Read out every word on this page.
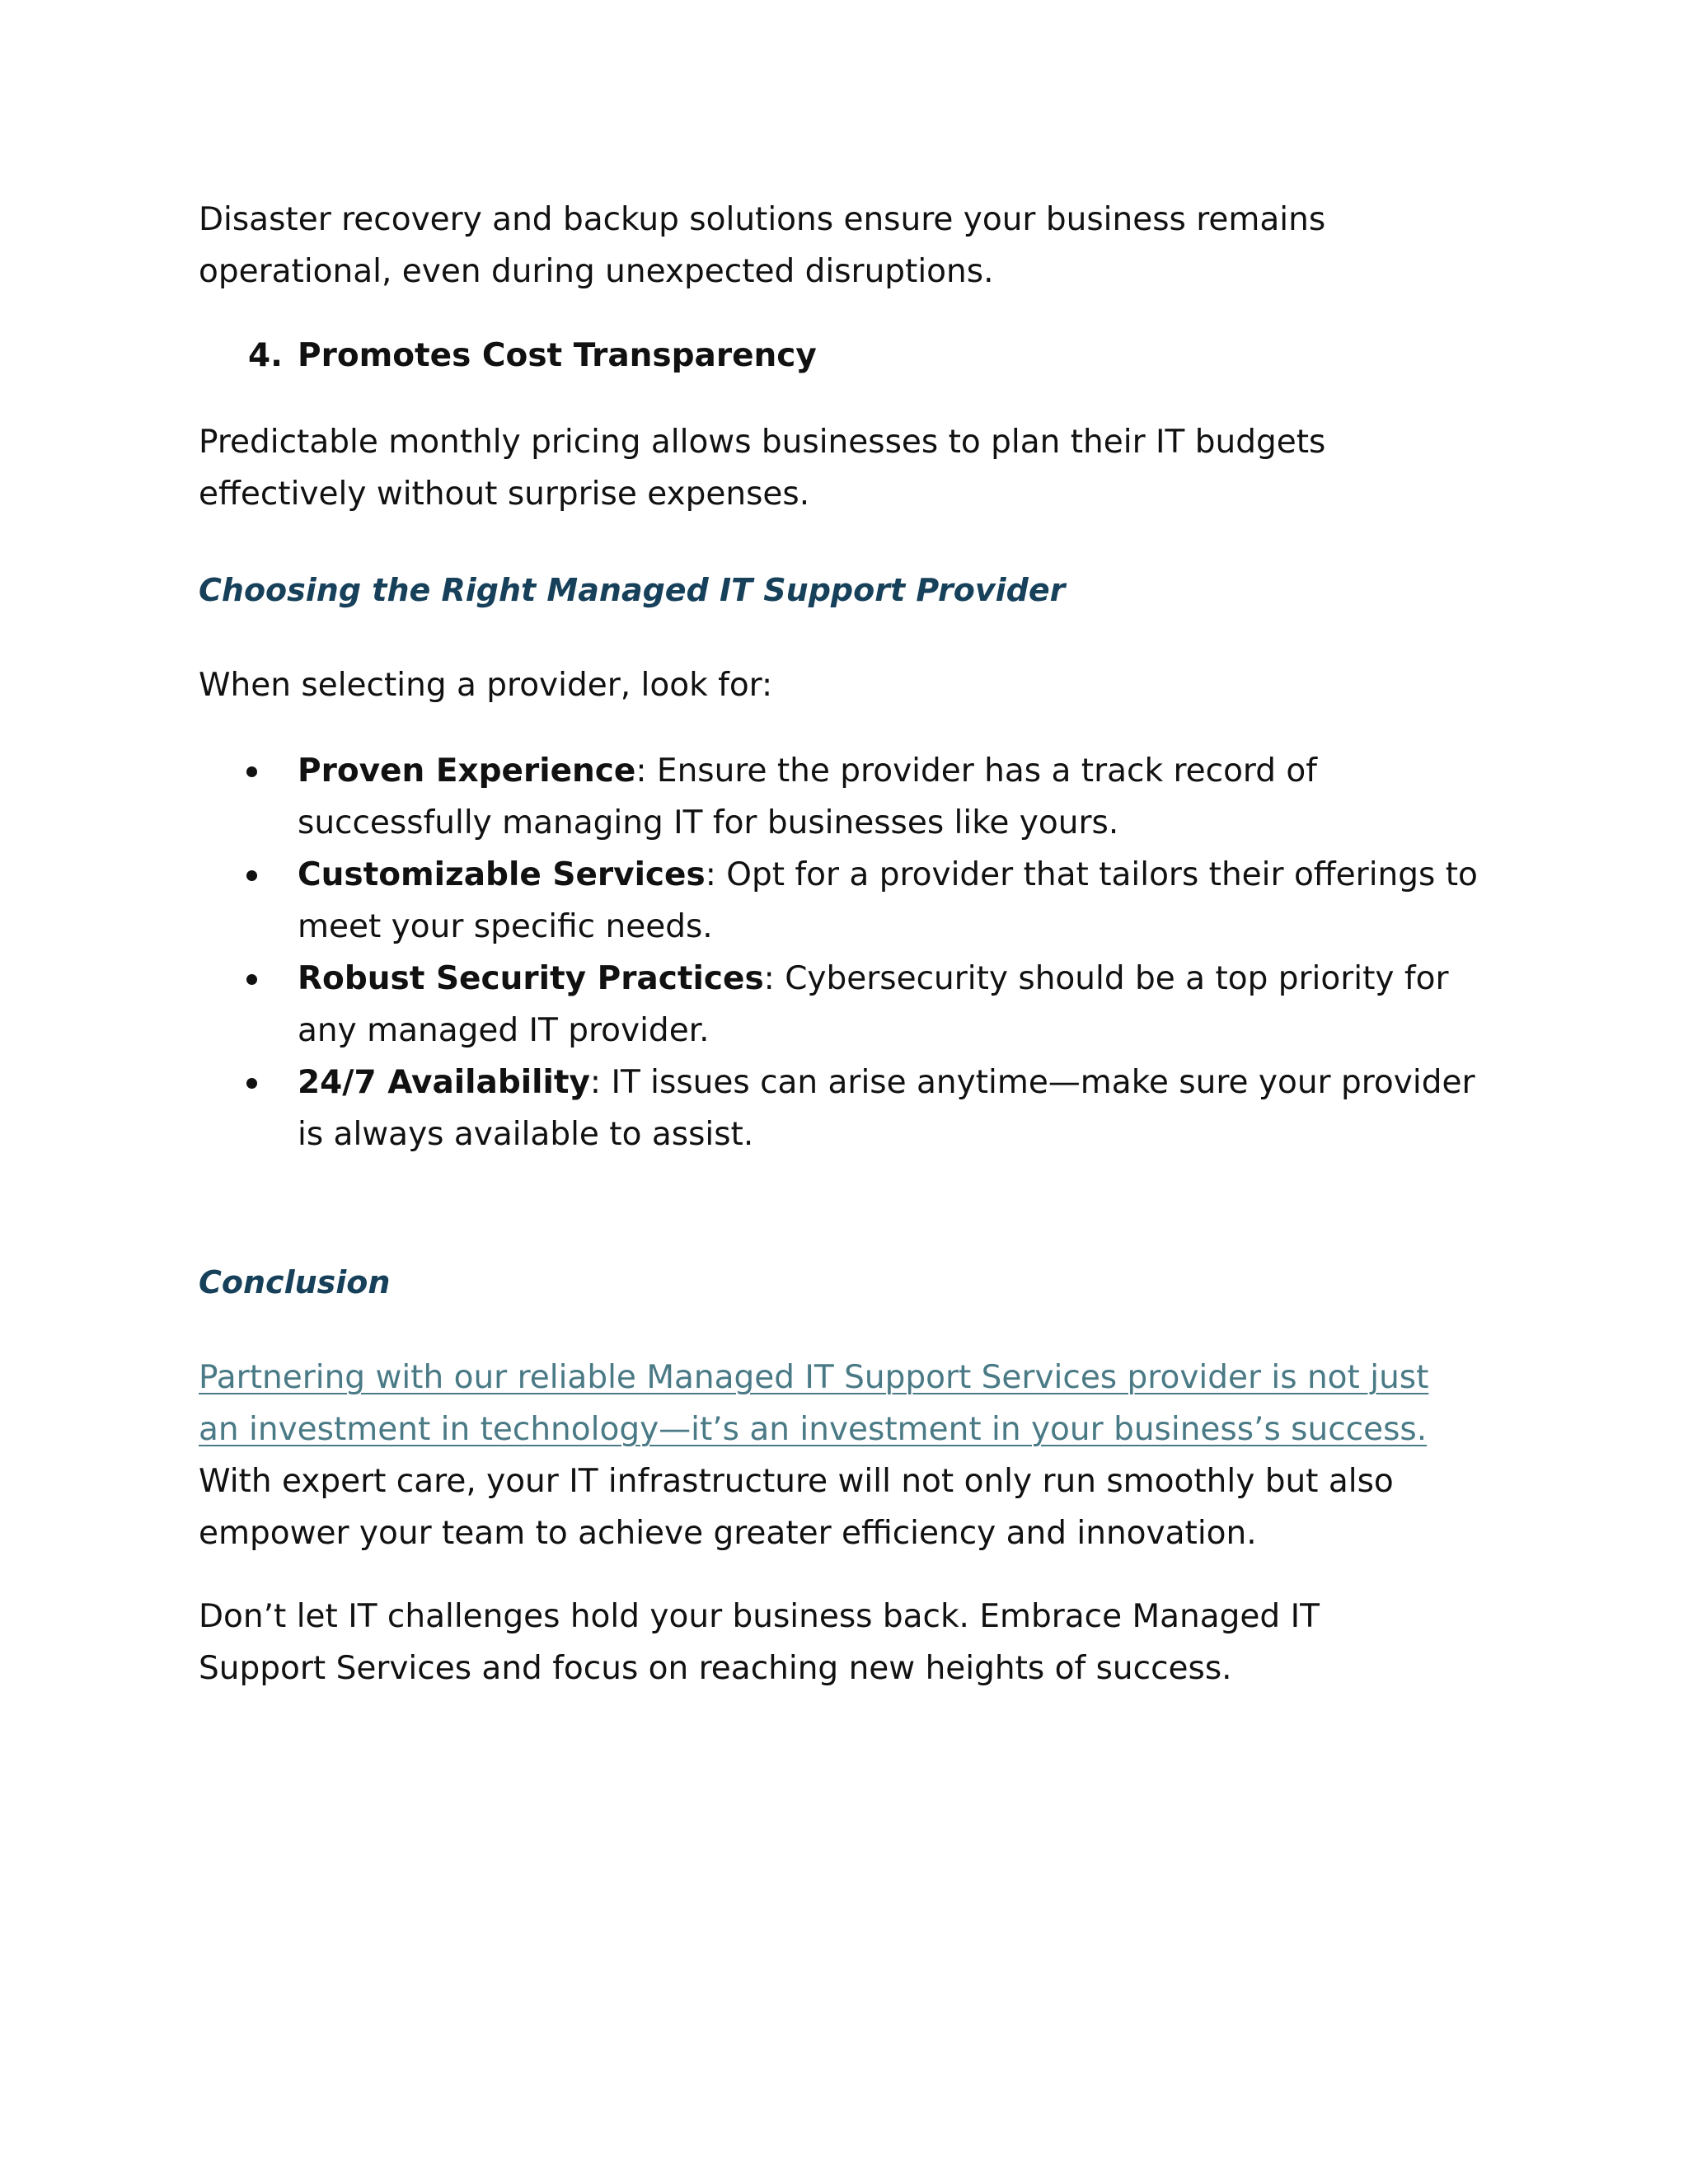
Disaster recovery and backup solutions ensure your business remains operational, even during unexpected disruptions.

4. Promotes Cost Transparency

Predictable monthly pricing allows businesses to plan their IT budgets effectively without surprise expenses.

Choosing the Right Managed IT Support Provider

When selecting a provider, look for:

Proven Experience: Ensure the provider has a track record of successfully managing IT for businesses like yours.
Customizable Services: Opt for a provider that tailors their offerings to meet your specific needs.
Robust Security Practices: Cybersecurity should be a top priority for any managed IT provider.
24/7 Availability: IT issues can arise anytime—make sure your provider is always available to assist.
Conclusion

Partnering with our reliable Managed IT Support Services provider is not just an investment in technology—it’s an investment in your business’s success. With expert care, your IT infrastructure will not only run smoothly but also empower your team to achieve greater efficiency and innovation.

Don’t let IT challenges hold your business back. Embrace Managed IT Support Services and focus on reaching new heights of success.
